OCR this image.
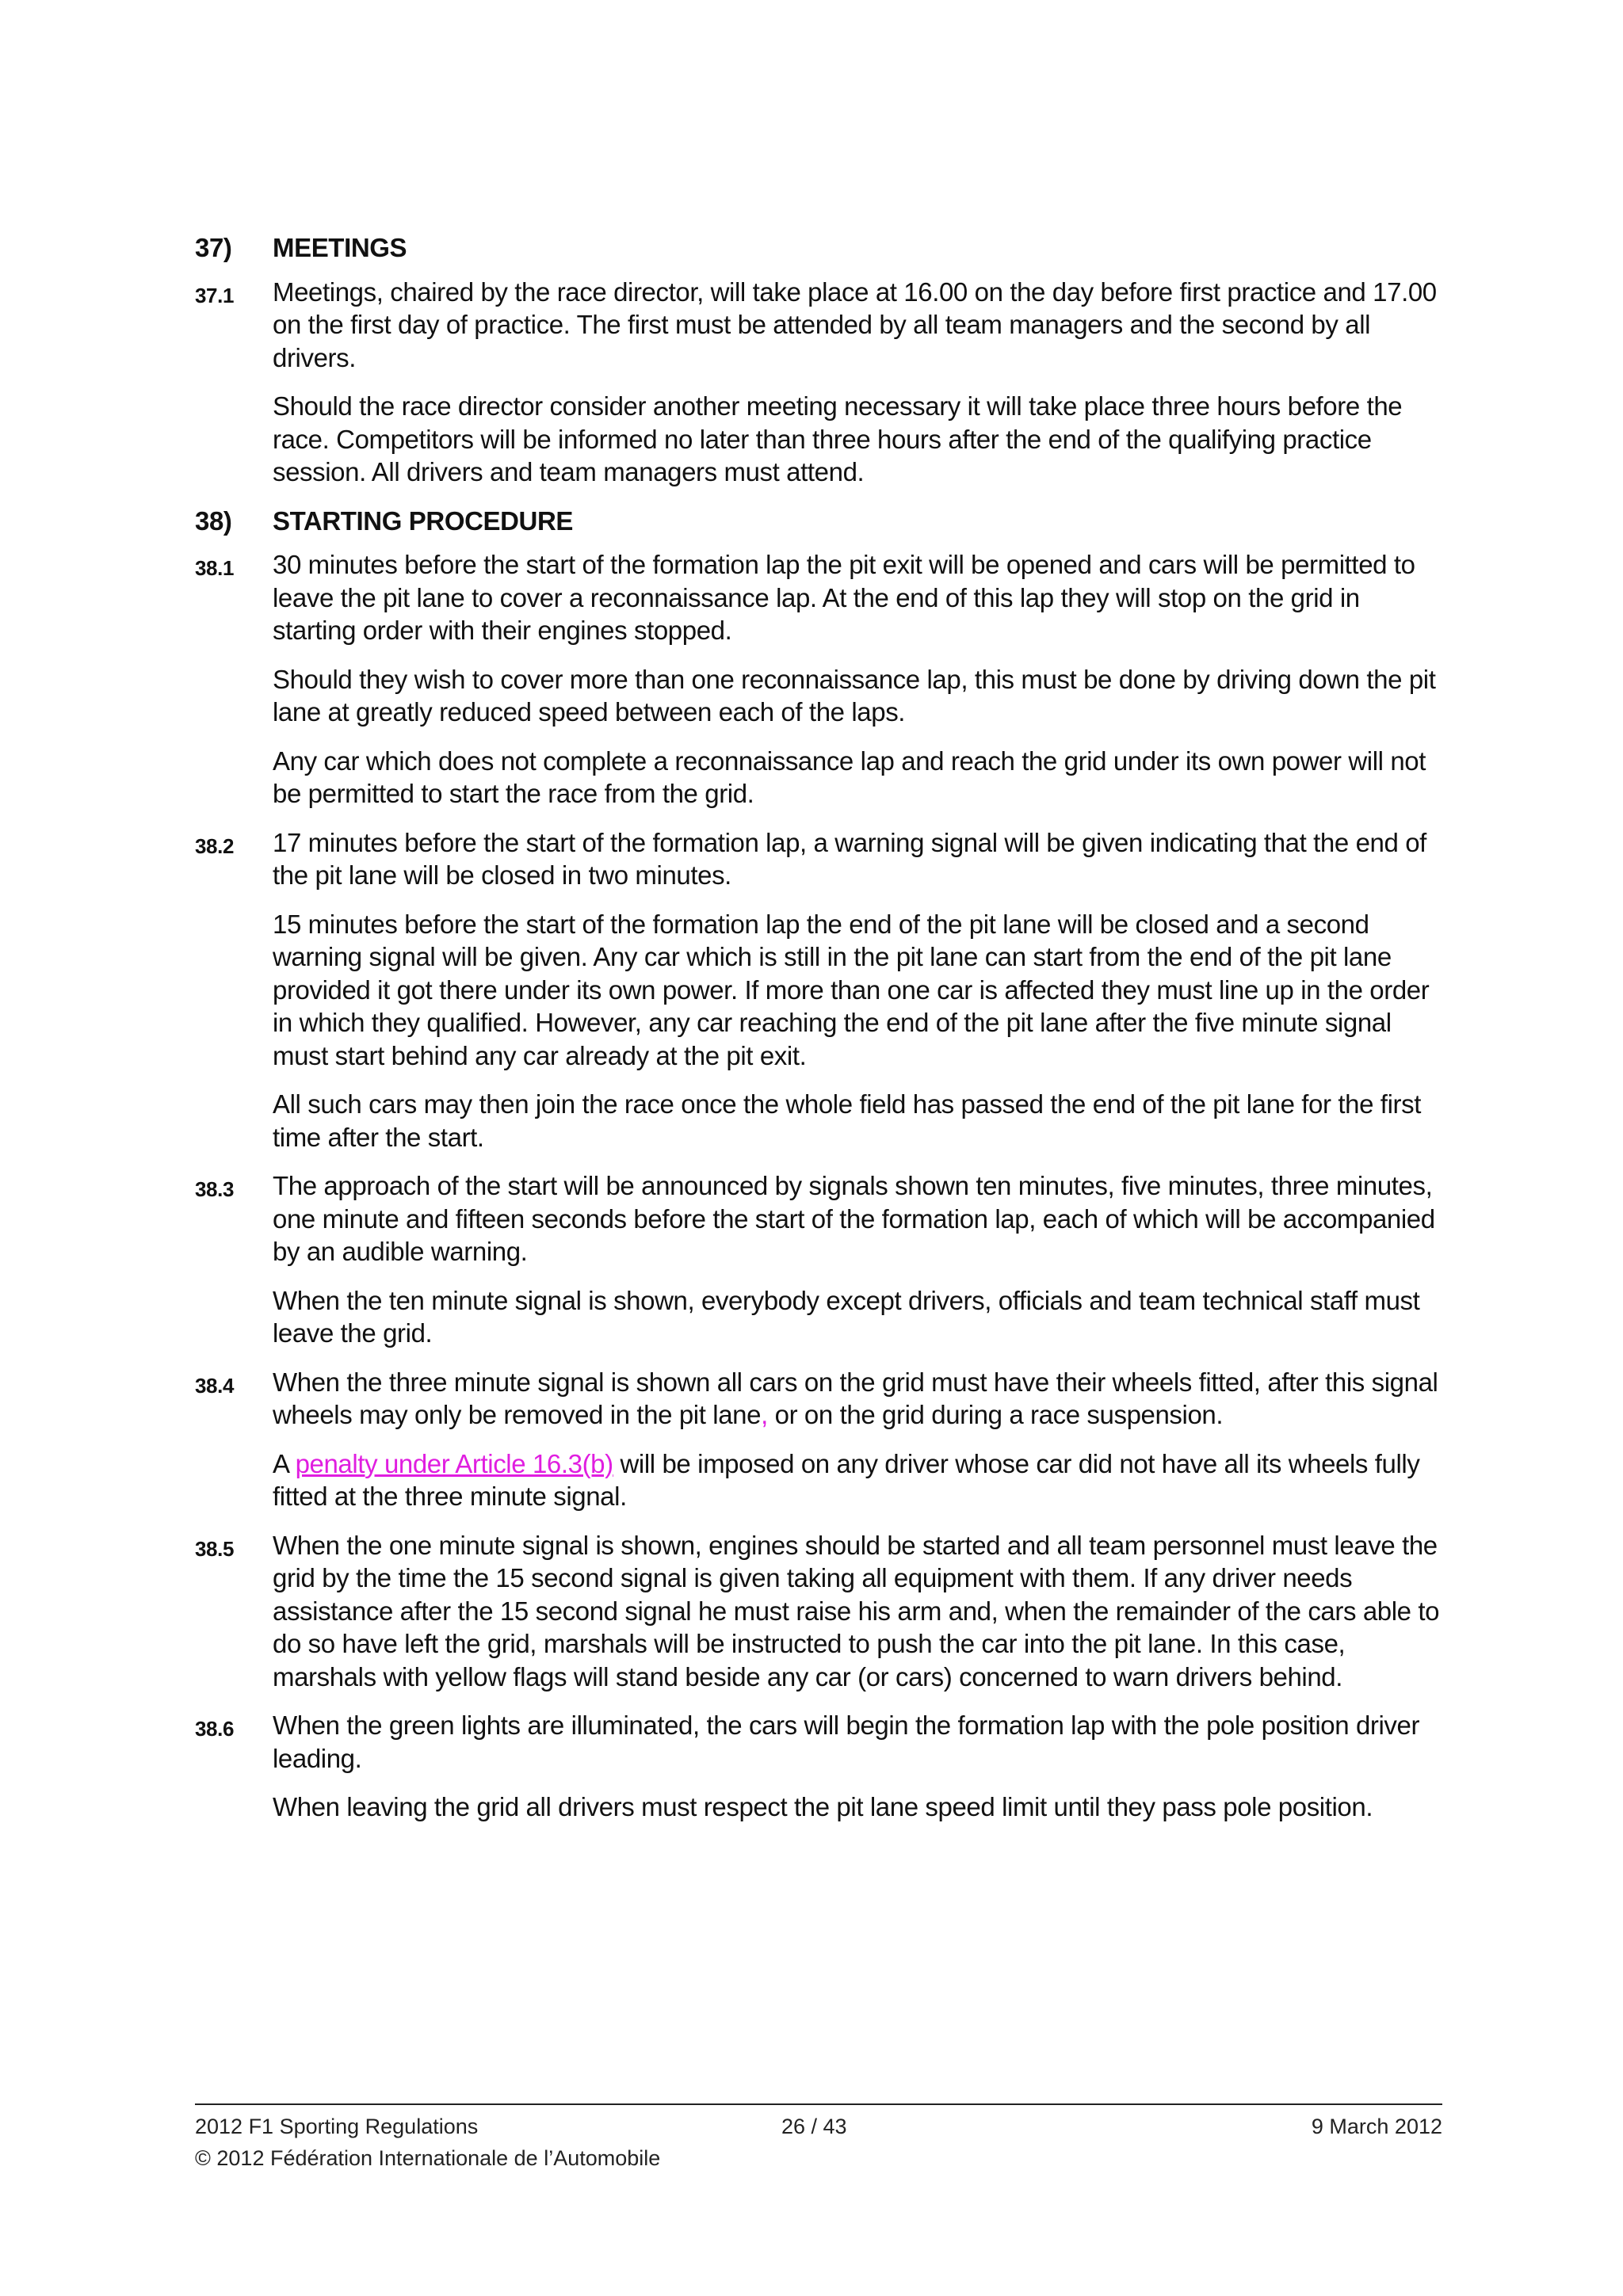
37)	MEETINGS
37.1	Meetings, chaired by the race director, will take place at 16.00 on the day before first practice and 17.00 on the first day of practice. The first must be attended by all team managers and the second by all drivers.

Should the race director consider another meeting necessary it will take place three hours before the race. Competitors will be informed no later than three hours after the end of the qualifying practice session. All drivers and team managers must attend.

38)	STARTING PROCEDURE
38.1	30 minutes before the start of the formation lap the pit exit will be opened and cars will be permitted to leave the pit lane to cover a reconnaissance lap. At the end of this lap they will stop on the grid in starting order with their engines stopped.

Should they wish to cover more than one reconnaissance lap, this must be done by driving down the pit lane at greatly reduced speed between each of the laps.

Any car which does not complete a reconnaissance lap and reach the grid under its own power will not be permitted to start the race from the grid.

38.2	17 minutes before the start of the formation lap, a warning signal will be given indicating that the end of the pit lane will be closed in two minutes.

15 minutes before the start of the formation lap the end of the pit lane will be closed and a second warning signal will be given. Any car which is still in the pit lane can start from the end of the pit lane provided it got there under its own power. If more than one car is affected they must line up in the order in which they qualified. However, any car reaching the end of the pit lane after the five minute signal must start behind any car already at the pit exit.

All such cars may then join the race once the whole field has passed the end of the pit lane for the first time after the start.

38.3	The approach of the start will be announced by signals shown ten minutes, five minutes, three minutes, one minute and fifteen seconds before the start of the formation lap, each of which will be accompanied by an audible warning.

When the ten minute signal is shown, everybody except drivers, officials and team technical staff must leave the grid.

38.4	When the three minute signal is shown all cars on the grid must have their wheels fitted, after this signal wheels may only be removed in the pit lane, or on the grid during a race suspension.

A penalty under Article 16.3(b) will be imposed on any driver whose car did not have all its wheels fully fitted at the three minute signal.

38.5	When the one minute signal is shown, engines should be started and all team personnel must leave the grid by the time the 15 second signal is given taking all equipment with them. If any driver needs assistance after the 15 second signal he must raise his arm and, when the remainder of the cars able to do so have left the grid, marshals will be instructed to push the car into the pit lane. In this case, marshals with yellow flags will stand beside any car (or cars) concerned to warn drivers behind.

38.6	When the green lights are illuminated, the cars will begin the formation lap with the pole position driver leading.

When leaving the grid all drivers must respect the pit lane speed limit until they pass pole position.

2012 F1 Sporting Regulations	26 / 43	9 March 2012
© 2012 Fédération Internationale de l’Automobile
